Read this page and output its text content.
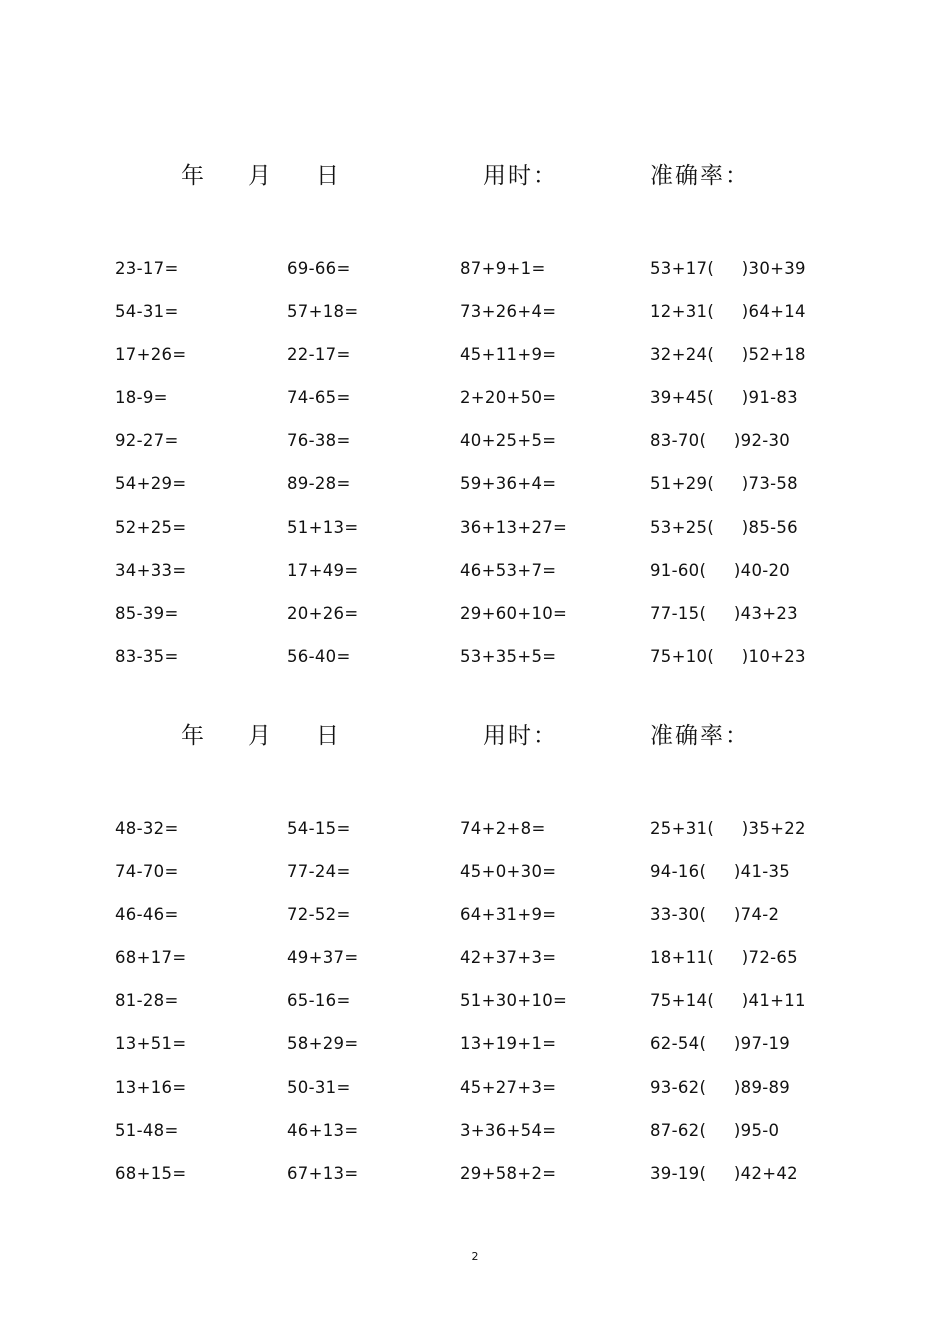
年 月 日	用时：	准确率：
23-17=	69-66=	87+9+1=	53+17(     )30+39
54-31=	57+18=	73+26+4=	12+31(     )64+14
17+26=	22-17=	45+11+9=	32+24(     )52+18
18-9=	74-65=	2+20+50=	39+45(     )91-83
92-27=	76-38=	40+25+5=	83-70(     )92-30
54+29=	89-28=	59+36+4=	51+29(     )73-58
52+25=	51+13=	36+13+27=	53+25(     )85-56
34+33=	17+49=	46+53+7=	91-60(     )40-20
85-39=	20+26=	29+60+10=	77-15(     )43+23
83-35=	56-40=	53+35+5=	75+10(     )10+23
年 月 日	用时：	准确率：
48-32=	54-15=	74+2+8=	25+31(     )35+22
74-70=	77-24=	45+0+30=	94-16(     )41-35
46-46=	72-52=	64+31+9=	33-30(     )74-2
68+17=	49+37=	42+37+3=	18+11(     )72-65
81-28=	65-16=	51+30+10=	75+14(     )41+11
13+51=	58+29=	13+19+1=	62-54(     )97-19
13+16=	50-31=	45+27+3=	93-62(     )89-89
51-48=	46+13=	3+36+54=	87-62(     )95-0
68+15=	67+13=	29+58+2=	39-19(     )42+42
2
